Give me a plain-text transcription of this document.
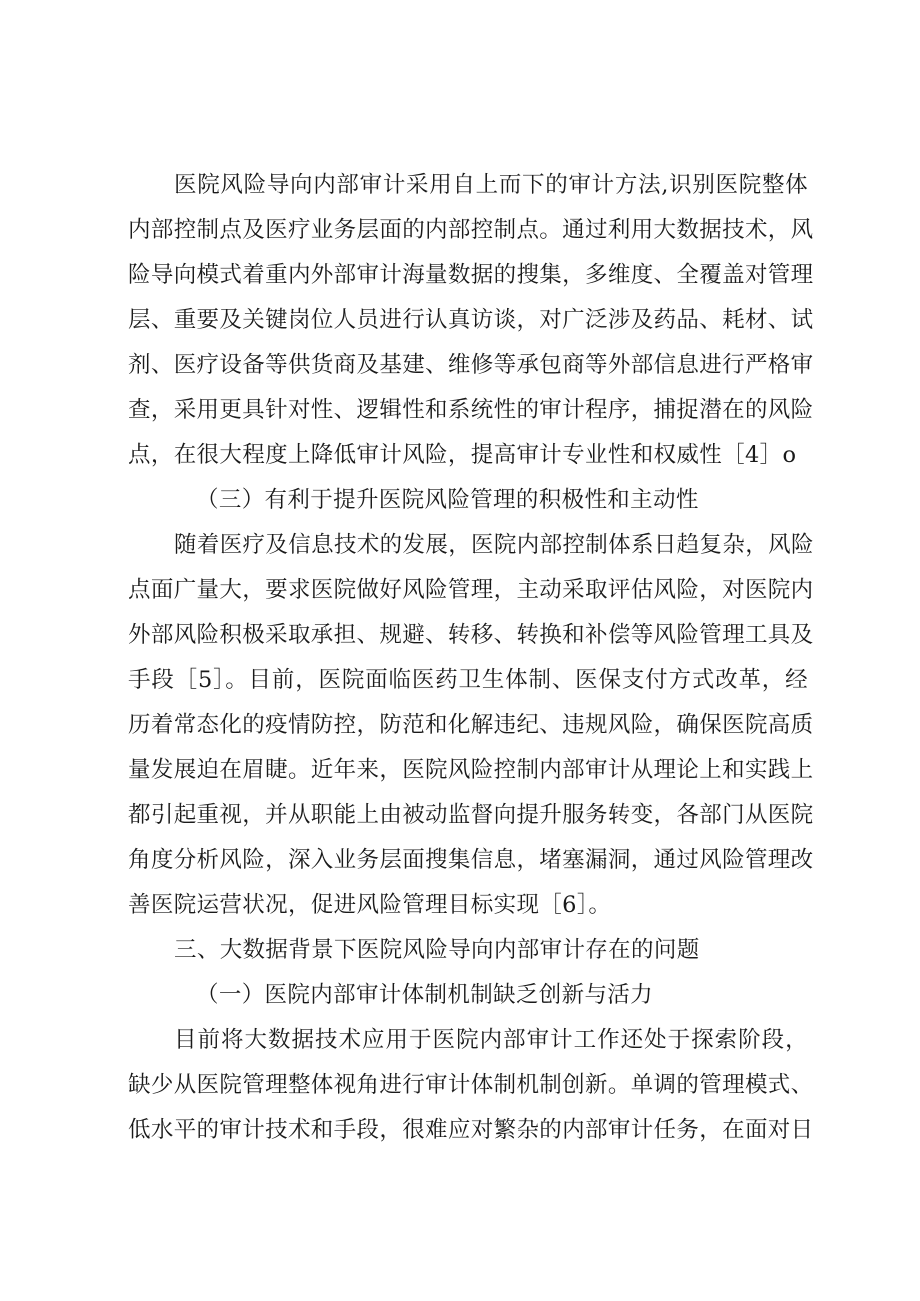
医院风险导向内部审计采用自上而下的审计方法,识别医院整体
内部控制点及医疗业务层面的内部控制点。通过利用大数据技术，风
险导向模式着重内外部审计海量数据的搜集，多维度、全覆盖对管理
层、重要及关键岗位人员进行认真访谈，对广泛涉及药品、耗材、试
剂、医疗设备等供货商及基建、维修等承包商等外部信息进行严格审
查，采用更具针对性、逻辑性和系统性的审计程序，捕捉潜在的风险
点，在很大程度上降低审计风险，提高审计专业性和权威性［4］o
（三）有利于提升医院风险管理的积极性和主动性
随着医疗及信息技术的发展，医院内部控制体系日趋复杂，风险
点面广量大，要求医院做好风险管理，主动采取评估风险，对医院内
外部风险积极采取承担、规避、转移、转换和补偿等风险管理工具及
手段［5］。目前，医院面临医药卫生体制、医保支付方式改革，经
历着常态化的疫情防控，防范和化解违纪、违规风险，确保医院高质
量发展迫在眉睫。近年来，医院风险控制内部审计从理论上和实践上
都引起重视，并从职能上由被动监督向提升服务转变，各部门从医院
角度分析风险，深入业务层面搜集信息，堵塞漏洞，通过风险管理改
善医院运营状况，促进风险管理目标实现［6］。
三、大数据背景下医院风险导向内部审计存在的问题
（一）医院内部审计体制机制缺乏创新与活力
目前将大数据技术应用于医院内部审计工作还处于探索阶段，
缺少从医院管理整体视角进行审计体制机制创新。单调的管理模式、
低水平的审计技术和手段，很难应对繁杂的内部审计任务，在面对日
